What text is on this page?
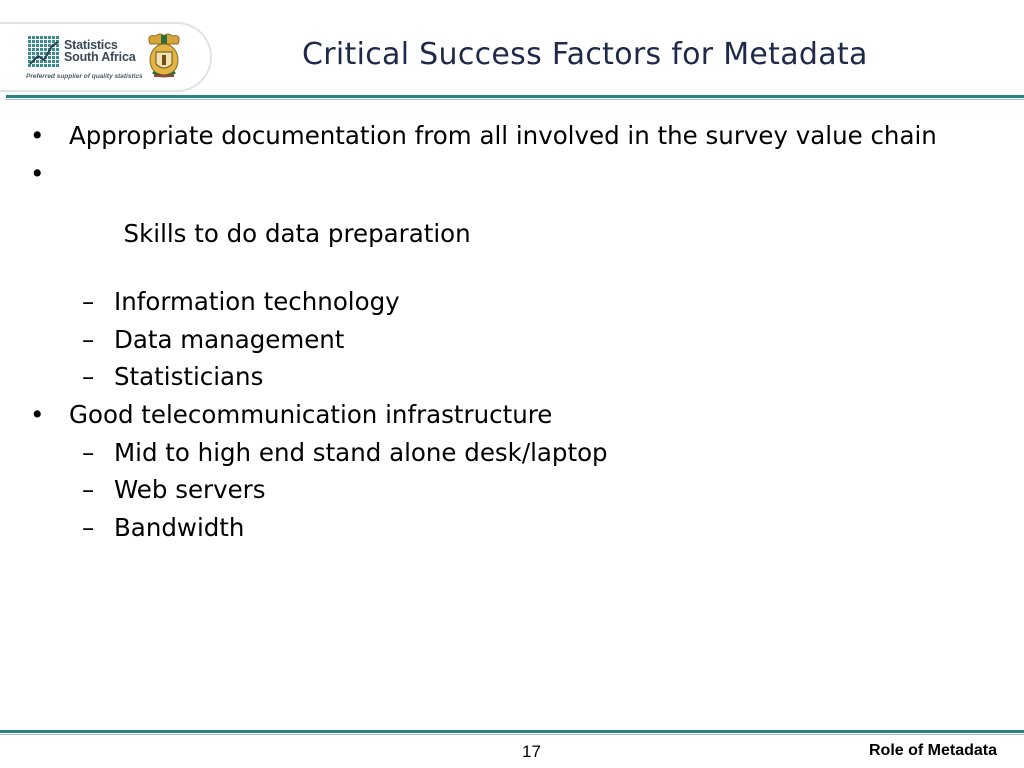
Statistics
South Africa
Preferred supplier of quality statistics
Critical Success Factors for Metadata
• Appropriate documentation from all involved in the survey value chain

•

Skills to do data preparation

– Information technology
– Data management
– Statisticians
• Good telecommunication infrastructure
– Mid to high end stand alone desk/laptop
– Web servers
– Bandwidth
17	Role of Metadata
